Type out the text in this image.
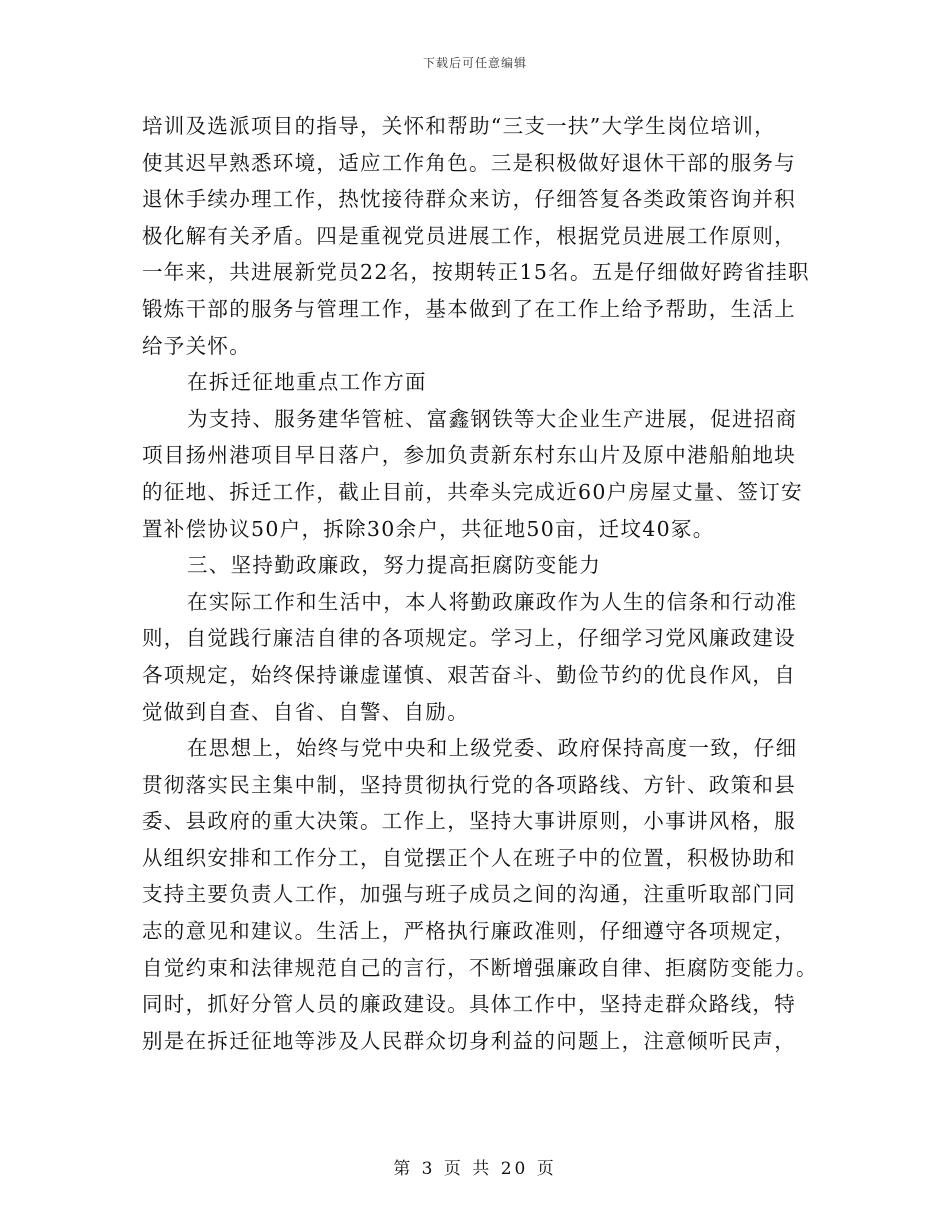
下载后可任意编辑
培训及选派项目的指导，关怀和帮助“三支一扶”大学生岗位培训，
使其迟早熟悉环境，适应工作角色。三是积极做好退休干部的服务与
退休手续办理工作，热忱接待群众来访，仔细答复各类政策咨询并积
极化解有关矛盾。四是重视党员进展工作，根据党员进展工作原则，
一年来，共进展新党员22名，按期转正15名。五是仔细做好跨省挂职
锻炼干部的服务与管理工作，基本做到了在工作上给予帮助，生活上
给予关怀。
在拆迁征地重点工作方面
为支持、服务建华管桩、富鑫钢铁等大企业生产进展，促进招商
项目扬州港项目早日落户，参加负责新东村东山片及原中港船舶地块
的征地、拆迁工作，截止目前，共牵头完成近60户房屋丈量、签订安
置补偿协议50户，拆除30余户，共征地50亩，迁坟40冢。
三、坚持勤政廉政，努力提高拒腐防变能力
在实际工作和生活中，本人将勤政廉政作为人生的信条和行动准
则，自觉践行廉洁自律的各项规定。学习上，仔细学习党风廉政建设
各项规定，始终保持谦虚谨慎、艰苦奋斗、勤俭节约的优良作风，自
觉做到自查、自省、自警、自励。
在思想上，始终与党中央和上级党委、政府保持高度一致，仔细
贯彻落实民主集中制，坚持贯彻执行党的各项路线、方针、政策和县
委、县政府的重大决策。工作上，坚持大事讲原则，小事讲风格，服
从组织安排和工作分工，自觉摆正个人在班子中的位置，积极协助和
支持主要负责人工作，加强与班子成员之间的沟通，注重听取部门同
志的意见和建议。生活上，严格执行廉政准则，仔细遵守各项规定，
自觉约束和法律规范自己的言行，不断增强廉政自律、拒腐防变能力。
同时，抓好分管人员的廉政建设。具体工作中，坚持走群众路线，特
别是在拆迁征地等涉及人民群众切身利益的问题上，注意倾听民声，
第 3 页 共 20 页
